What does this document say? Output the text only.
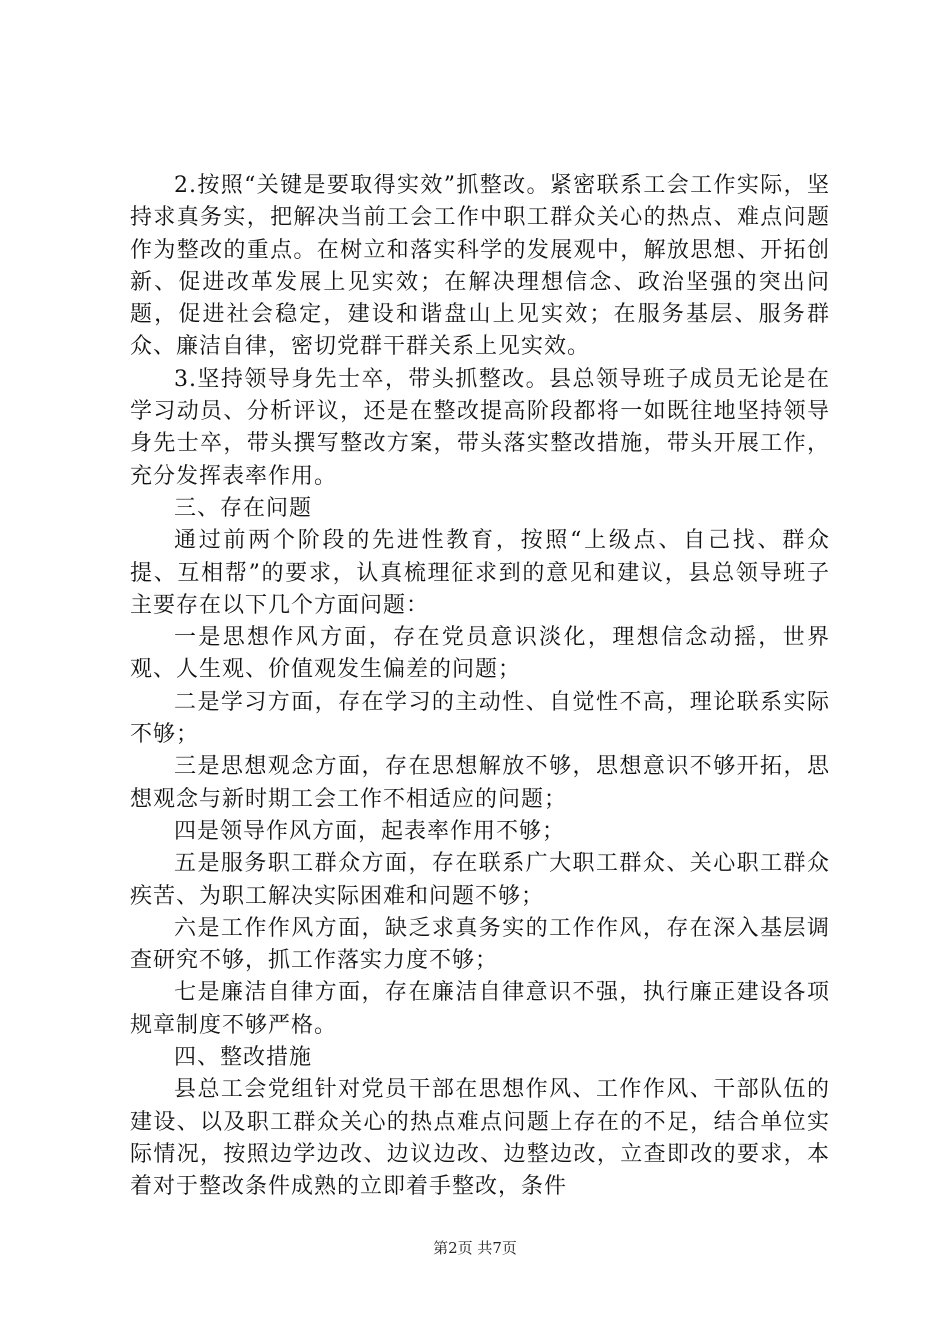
2.按照“关键是要取得实效”抓整改。紧密联系工会工作实际，坚持求真务实，把解决当前工会工作中职工群众关心的热点、难点问题作为整改的重点。在树立和落实科学的发展观中，解放思想、开拓创新、促进改革发展上见实效；在解决理想信念、政治坚强的突出问题，促进社会稳定，建设和谐盘山上见实效；在服务基层、服务群众、廉洁自律，密切党群干群关系上见实效。

3.坚持领导身先士卒，带头抓整改。县总领导班子成员无论是在学习动员、分析评议，还是在整改提高阶段都将一如既往地坚持领导身先士卒，带头撰写整改方案，带头落实整改措施，带头开展工作，充分发挥表率作用。

三、存在问题

通过前两个阶段的先进性教育，按照“上级点、自己找、群众提、互相帮”的要求，认真梳理征求到的意见和建议，县总领导班子主要存在以下几个方面问题：

一是思想作风方面，存在党员意识淡化，理想信念动摇，世界观、人生观、价值观发生偏差的问题；

二是学习方面，存在学习的主动性、自觉性不高，理论联系实际不够；

三是思想观念方面，存在思想解放不够，思想意识不够开拓，思想观念与新时期工会工作不相适应的问题；

四是领导作风方面，起表率作用不够；

五是服务职工群众方面，存在联系广大职工群众、关心职工群众疾苦、为职工解决实际困难和问题不够；

六是工作作风方面，缺乏求真务实的工作作风，存在深入基层调查研究不够，抓工作落实力度不够；

七是廉洁自律方面，存在廉洁自律意识不强，执行廉正建设各项规章制度不够严格。

四、整改措施

县总工会党组针对党员干部在思想作风、工作作风、干部队伍的建设、以及职工群众关心的热点难点问题上存在的不足，结合单位实际情况，按照边学边改、边议边改、边整边改，立查即改的要求，本着对于整改条件成熟的立即着手整改，条件

第2页 共7页
